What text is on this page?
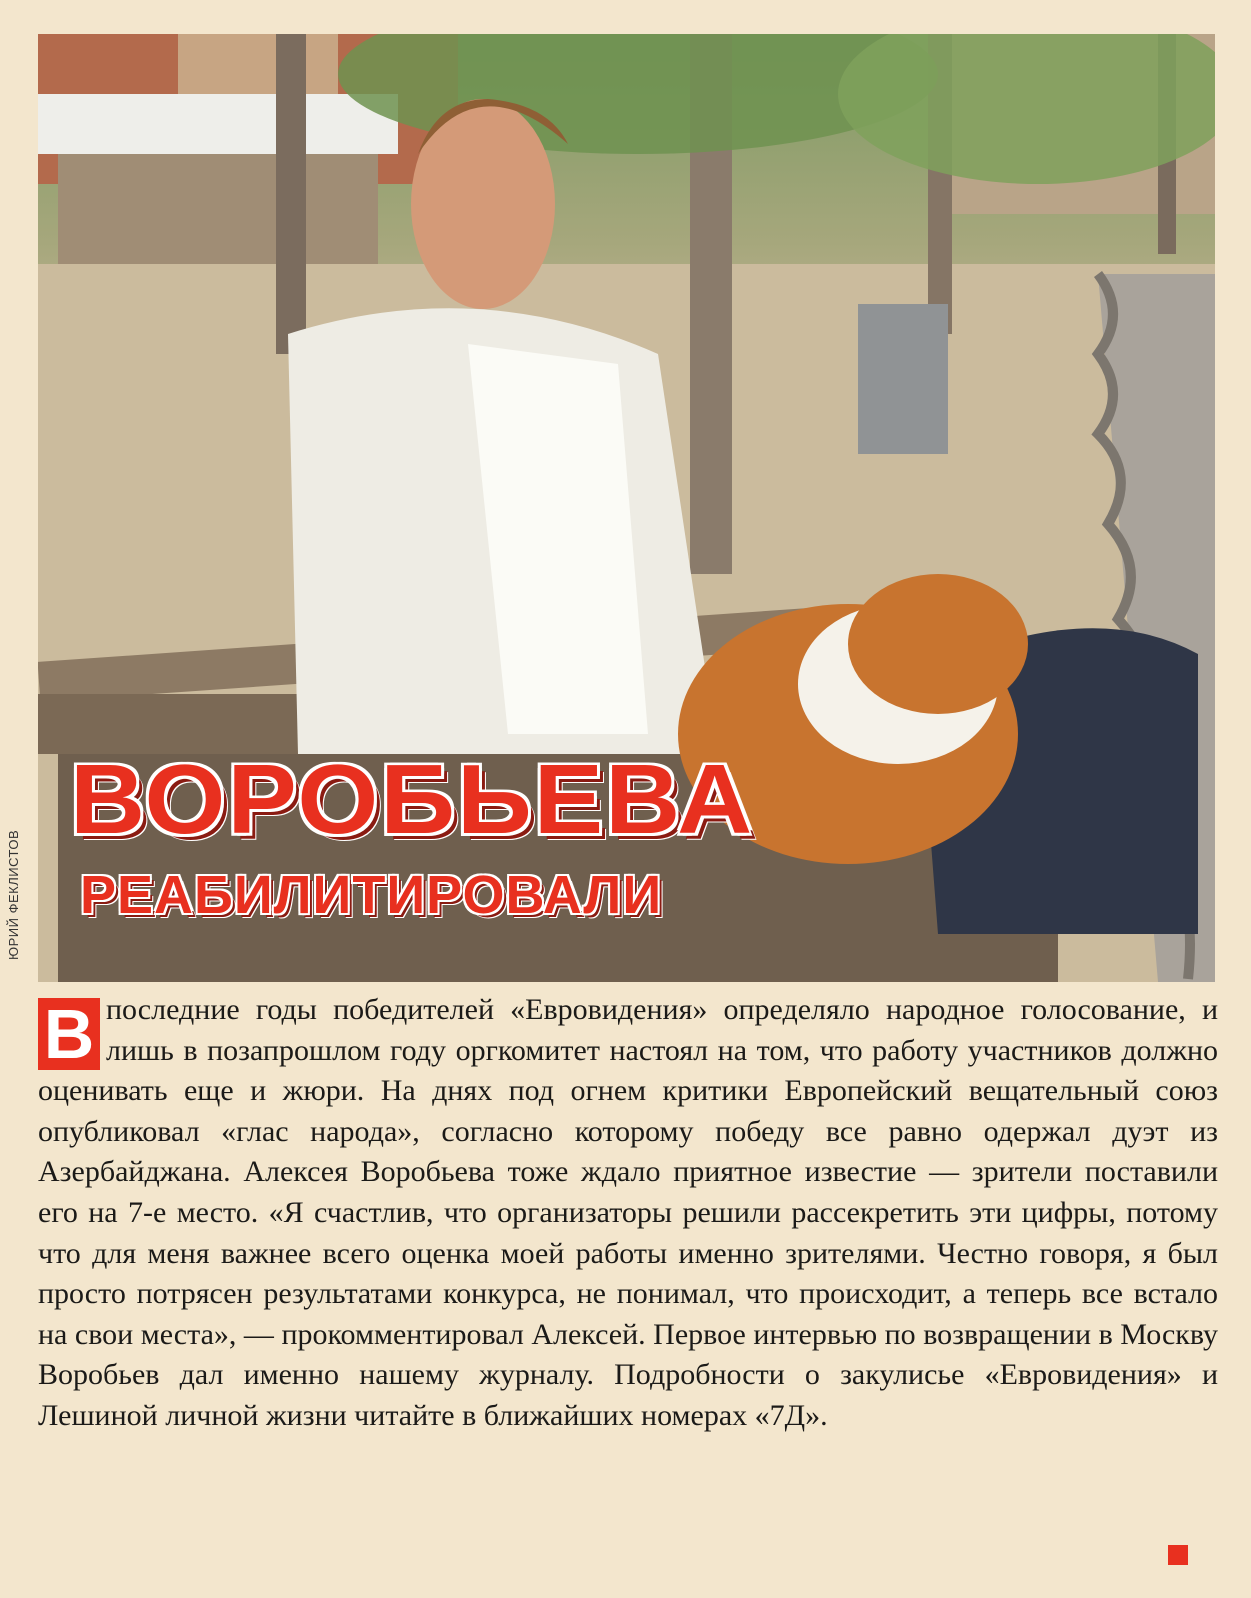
ЮРИЙ ФЕКЛИСТОВ
ВОРОБЬЕВА
РЕАБИЛИТИРОВАЛИ
В последние годы победителей «Евровидения» определяло народное голосование, и лишь в позапрошлом году оргкомитет настоял на том, что работу участников должно оценивать еще и жюри. На днях под огнем критики Европейский вещательный союз опубликовал «глас народа», согласно которому победу все равно одержал дуэт из Азербайджана. Алексея Воробьева тоже ждало приятное известие — зрители поставили его на 7-е место. «Я счастлив, что организаторы решили рассекретить эти цифры, потому что для меня важнее всего оценка моей работы именно зрителями. Честно говоря, я был просто потрясен результатами конкурса, не понимал, что происходит, а теперь все встало на свои места», — прокомментировал Алексей. Первое интервью по возвращении в Москву Воробьев дал именно нашему журналу. Подробности о закулисье «Евровидения» и Лешиной личной жизни читайте в ближайших номерах «7Д».
